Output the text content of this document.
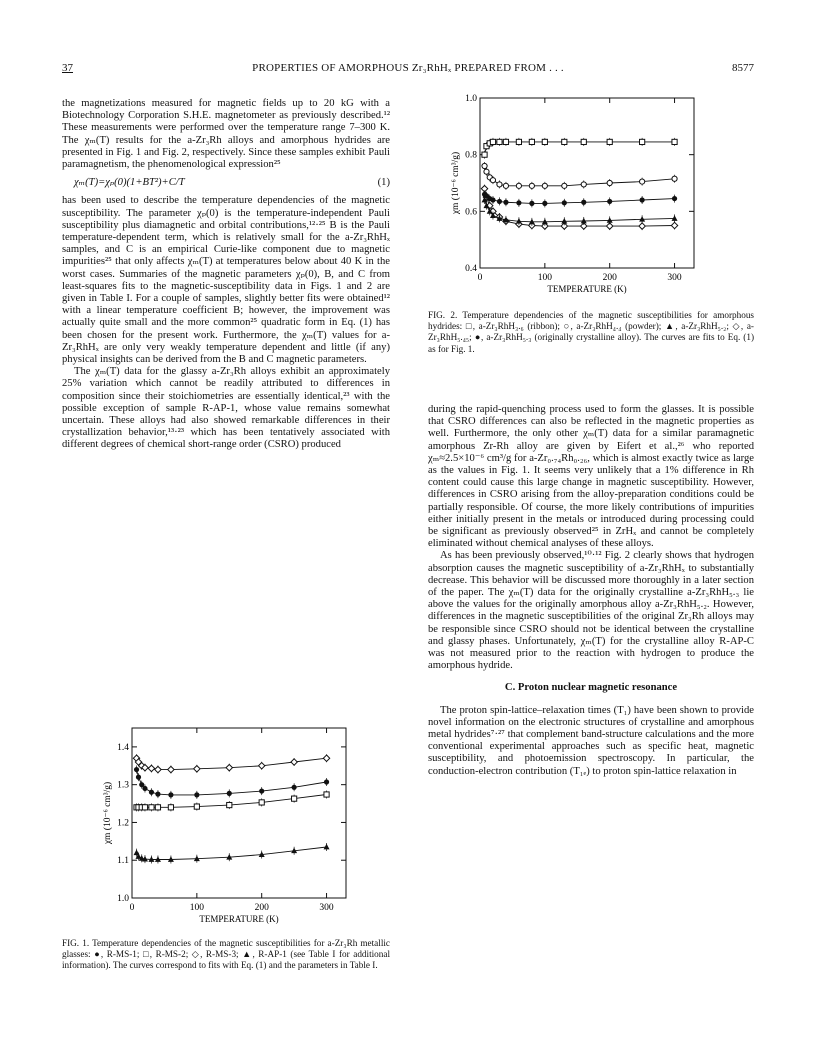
37	PROPERTIES OF AMORPHOUS Zr₃RhHₓ PREPARED FROM . . .	8577

the magnetizations measured for magnetic fields up to 20 kG with a Biotechnology Corporation S.H.E. magnetometer as previously described.¹² These measurements were performed over the temperature range 7–300 K. The χₘ(T) results for the a-Zr₃Rh alloys and amorphous hydrides are presented in Fig. 1 and Fig. 2, respectively. Since these samples exhibit Pauli paramagnetism, the phenomenological expression²⁵

χₘ(T)=χₚ(0)(1+BT²)+C/T	(1)

has been used to describe the temperature dependencies of the magnetic susceptibility. The parameter χₚ(0) is the temperature-independent Pauli susceptibility plus diamagnetic and orbital contributions,¹²·²⁵ B is the Pauli temperature-dependent term, which is relatively small for the a-Zr₃RhHₓ samples, and C is an empirical Curie-like component due to magnetic impurities²⁵ that only affects χₘ(T) at temperatures below about 40 K in the worst cases. Summaries of the magnetic parameters χₚ(0), B, and C from least-squares fits to the magnetic-susceptibility data in Figs. 1 and 2 are given in Table I. For a couple of samples, slightly better fits were obtained¹² with a linear temperature coefficient B; however, the improvement was actually quite small and the more common²⁵ quadratic form in Eq. (1) has been chosen for the present work. Furthermore, the χₘ(T) values for a-Zr₃RhHₓ are only very weakly temperature dependent and little (if any) physical insights can be derived from the B and C magnetic parameters.

The χₘ(T) data for the glassy a-Zr₃Rh alloys exhibit an approximately 25% variation which cannot be readily attributed to differences in composition since their stoichiometries are essentially identical,²³ with the possible exception of sample R-AP-1, whose value remains somewhat uncertain. These alloys had also showed remarkable differences in their crystallization behavior,¹³·²³ which has been tentatively associated with different degrees of chemical short-range order (CSRO) produced

0	100	200	300
0.4
0.6
0.8
1.0
TEMPERATURE (K)
χm (10⁻⁶ cm³/g)
FIG. 2. Temperature dependencies of the magnetic susceptibilities for amorphous hydrides: □, a-Zr₃RhH₃.₆ (ribbon); ○, a-Zr₃RhH₄.₄ (powder); ▲, a-Zr₃RhH₅.₂; ◇, a-Zr₃RhH₅.₄₅; ●, a-Zr₃RhH₅.₃ (originally crystalline alloy). The curves are fits to Eq. (1) as for Fig. 1.

during the rapid-quenching process used to form the glasses. It is possible that CSRO differences can also be reflected in the magnetic properties as well. Furthermore, the only other χₘ(T) data for a similar paramagnetic amorphous Zr-Rh alloy are given by Eifert et al.,²⁶ who reported χₘ≈2.5×10⁻⁶ cm³/g for a-Zr₀.₇₄Rh₀.₂₆, which is almost exactly twice as large as the values in Fig. 1. It seems very unlikely that a 1% difference in Rh content could cause this large change in magnetic susceptibility. However, differences in CSRO arising from the alloy-preparation conditions could be partially responsible. Of course, the more likely contributions of impurities either initially present in the metals or introduced during processing could be significant as previously observed²⁵ in ZrHₓ and cannot be completely eliminated without chemical analyses of these alloys.

As has been previously observed,¹⁰·¹² Fig. 2 clearly shows that hydrogen absorption causes the magnetic susceptibility of a-Zr₃RhHₓ to substantially decrease. This behavior will be discussed more thoroughly in a later section of the paper. The χₘ(T) data for the originally crystalline a-Zr₃RhH₅.₃ lie above the values for the originally amorphous alloy a-Zr₃RhH₅.₂. However, differences in the magnetic susceptibilities of the original Zr₃Rh alloys may be responsible since CSRO should not be identical between the crystalline and glassy phases. Unfortunately, χₘ(T) for the crystalline alloy R-AP-C was not measured prior to the reaction with hydrogen to produce the amorphous hydride.

C. Proton nuclear magnetic resonance

The proton spin-lattice–relaxation times (T₁) have been shown to provide novel information on the electronic structures of crystalline and amorphous metal hydrides⁷·²⁷ that complement band-structure calculations and the more conventional experimental approaches such as specific heat, magnetic susceptibility, and photoemission spectroscopy. In particular, the conduction-electron contribution (T₁ₑ) to proton spin-lattice relaxation in

0	100	200	300
1.0
1.1
1.2
1.3
1.4
TEMPERATURE (K)
χm (10⁻⁶ cm³/g)
FIG. 1. Temperature dependencies of the magnetic susceptibilities for a-Zr₃Rh metallic glasses: ●, R-MS-1; □, R-MS-2; ◇, R-MS-3; ▲, R-AP-1 (see Table I for additional information). The curves correspond to fits with Eq. (1) and the parameters in Table I.
